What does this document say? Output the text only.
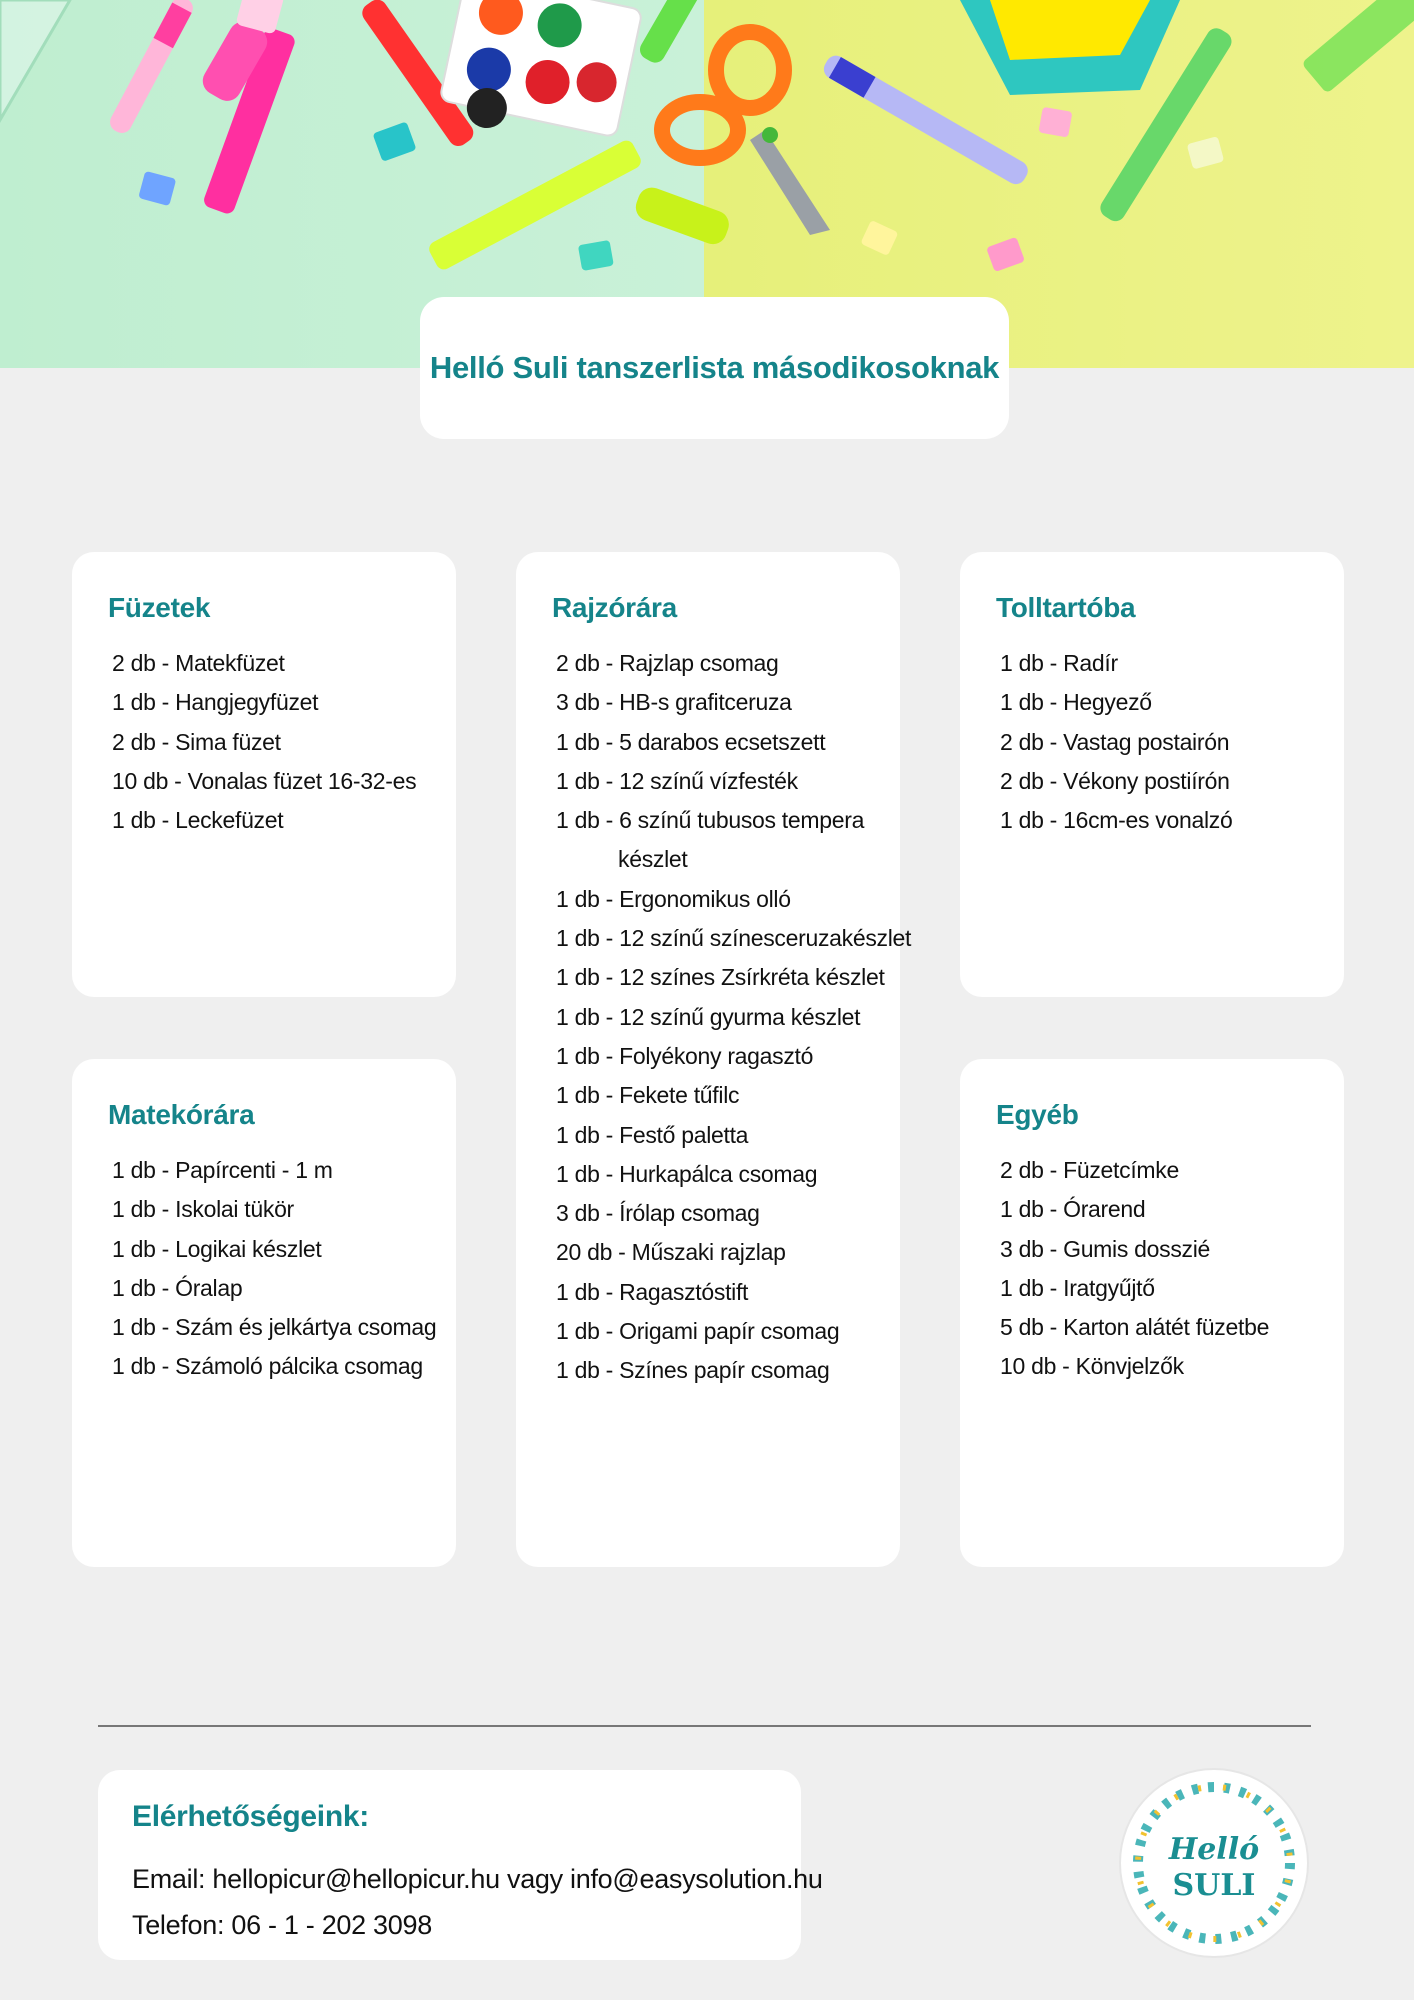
Helló Suli tanszerlista másodikosoknak
Füzetek
2 db - Matekfüzet
1 db - Hangjegyfüzet
2 db - Sima füzet
10 db - Vonalas füzet 16-32-es
1 db - Leckefüzet
Matekórára
1 db - Papírcenti - 1 m
1 db - Iskolai tükör
1 db - Logikai készlet
1 db - Óralap
1 db - Szám és jelkártya csomag
1 db - Számoló pálcika csomag
Rajzórára
2 db - Rajzlap csomag
3 db - HB-s grafitceruza
1 db - 5 darabos ecsetszett
1 db - 12 színű vízfesték
1 db - 6 színű tubusos tempera készlet
1 db - Ergonomikus olló
1 db - 12 színű színesceruzakészlet
1 db - 12 színes Zsírkréta készlet
1 db - 12 színű gyurma készlet
1 db - Folyékony ragasztó
1 db - Fekete tűfilc
1 db - Festő paletta
1 db - Hurkapálca csomag
3 db - Írólap csomag
20 db - Műszaki rajzlap
1 db - Ragasztóstift
1 db - Origami papír csomag
1 db - Színes papír csomag
Tolltartóba
1 db - Radír
1 db - Hegyező
2 db - Vastag postairón
2 db - Vékony postiírón
1 db - 16cm-es vonalzó
Egyéb
2 db - Füzetcímke
1 db - Órarend
3 db - Gumis dosszié
1 db - Iratgyűjtő
5 db - Karton alátét füzetbe
10 db - Könvjelzők
Elérhetőségeink:
Email: hellopicur@hellopicur.hu vagy info@easysolution.hu
Telefon: 06 - 1 - 202 3098
Helló
SULI
